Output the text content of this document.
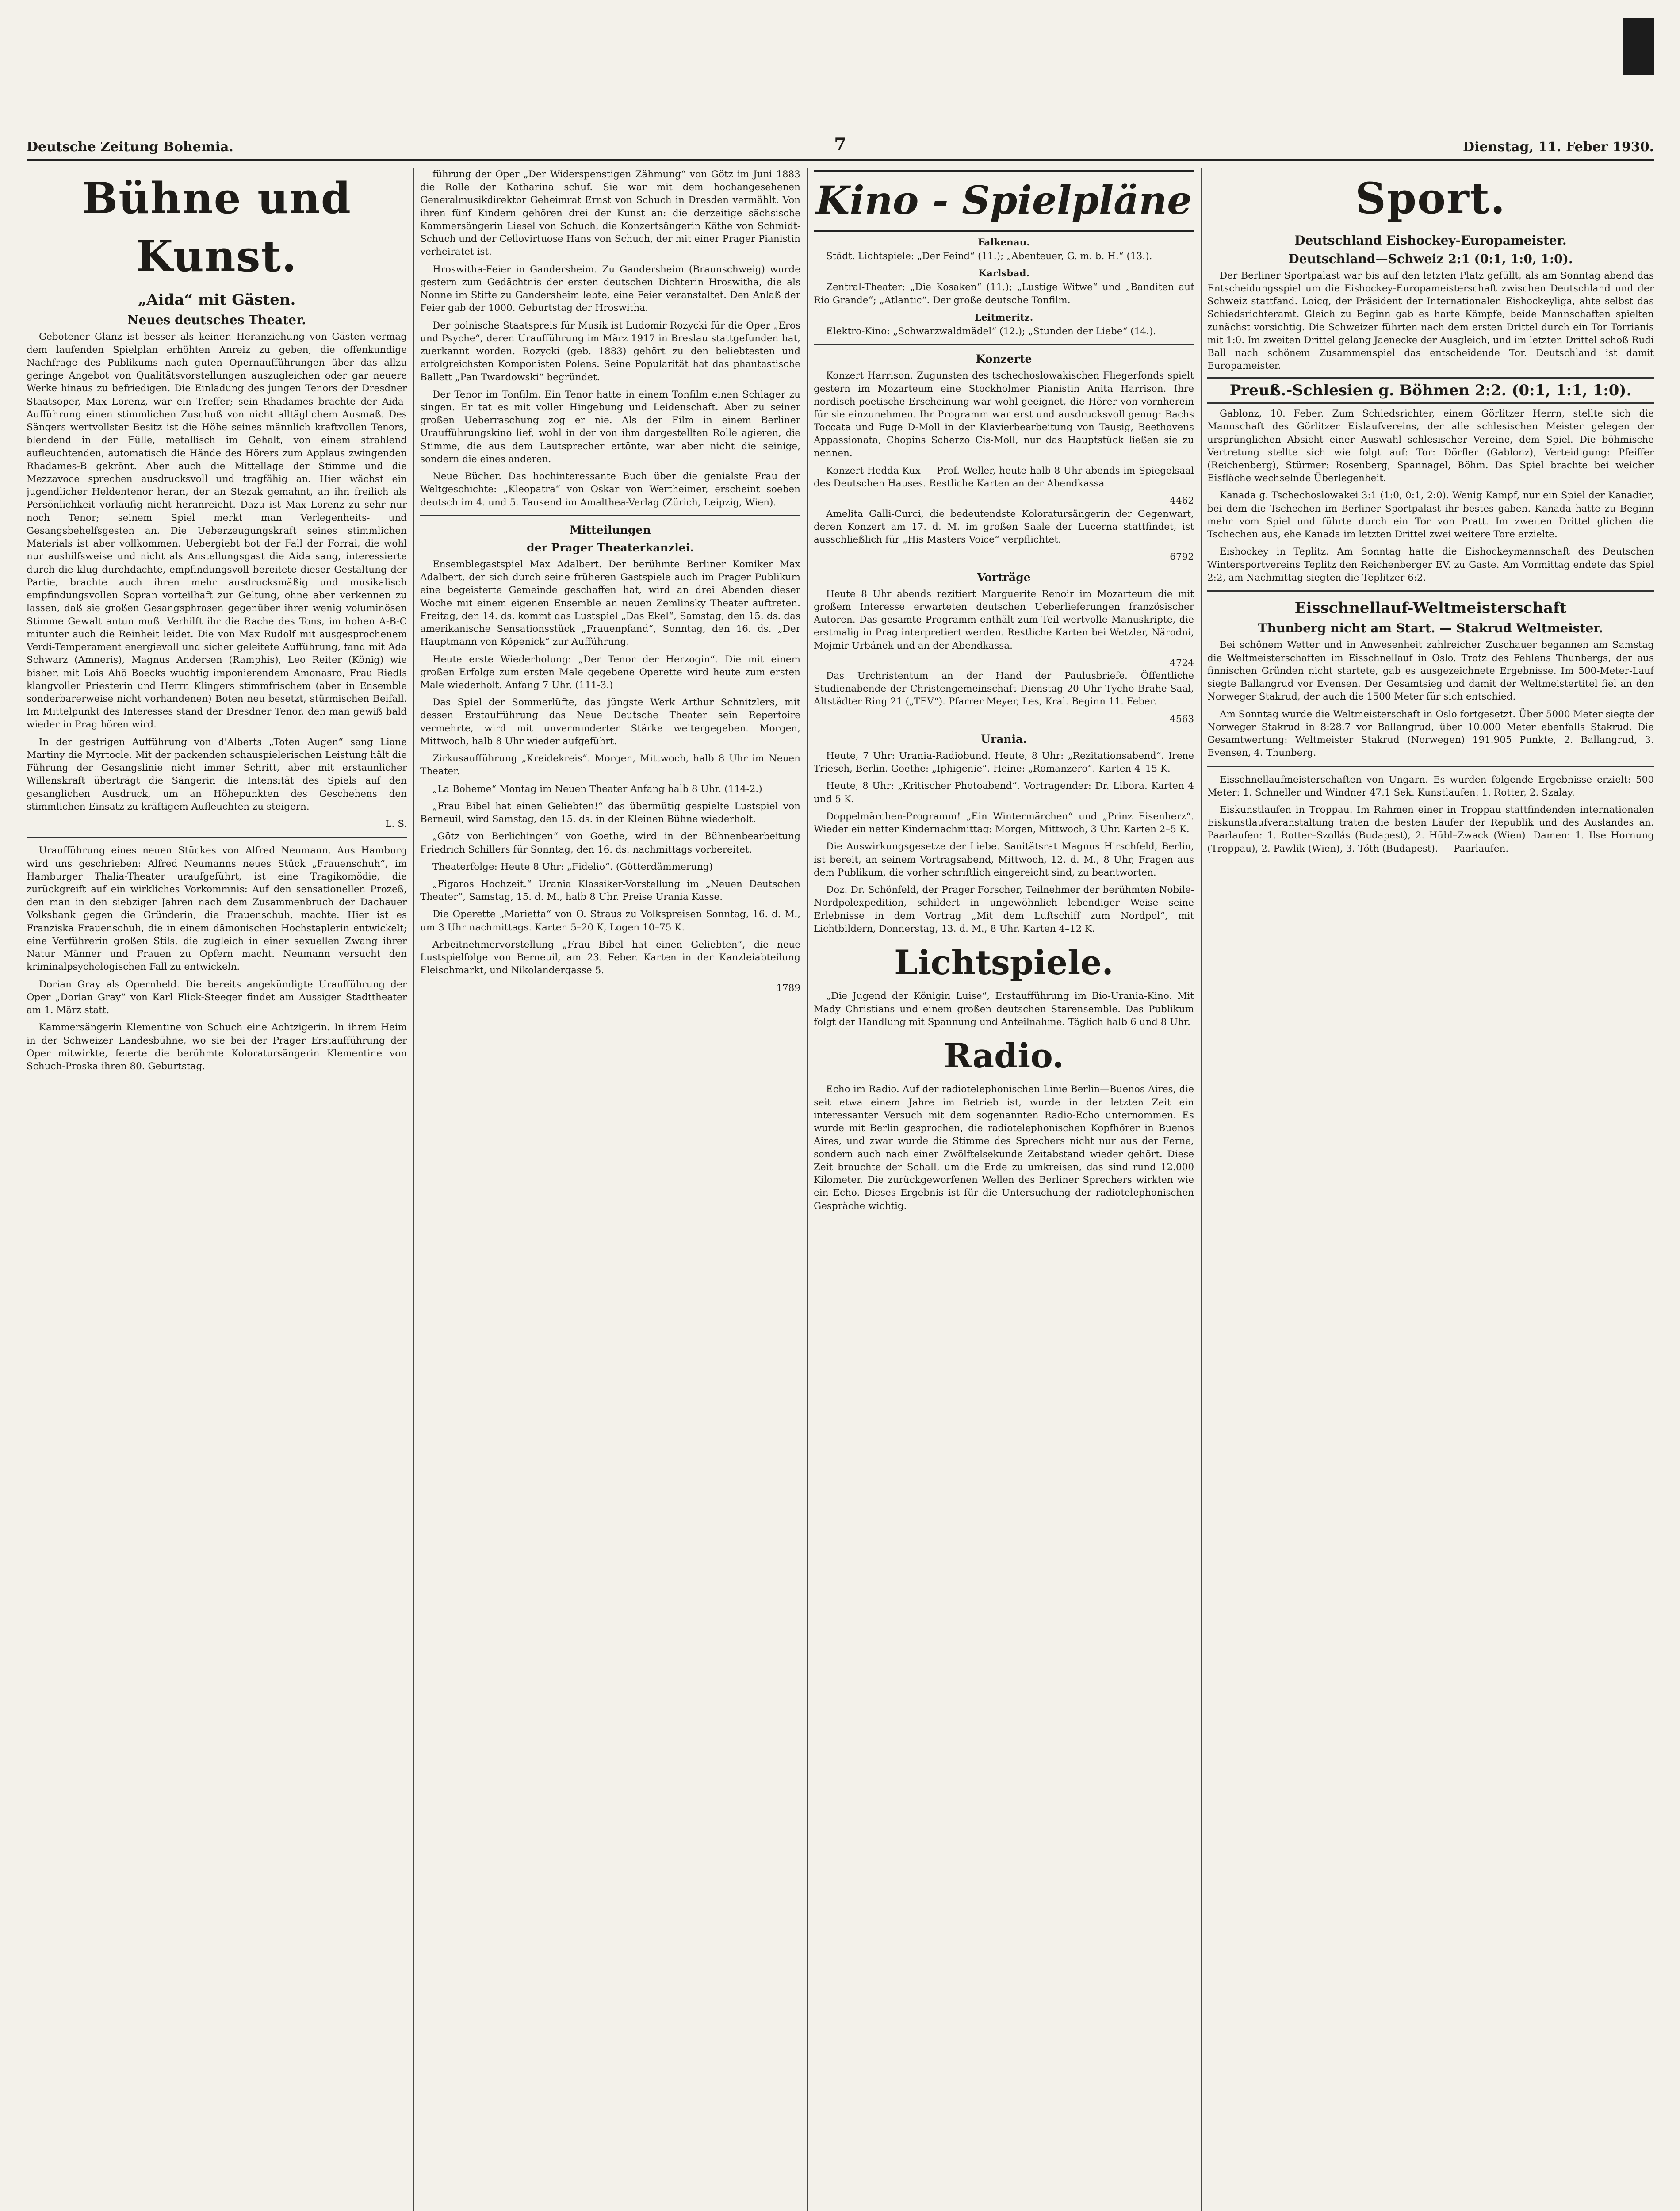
Deutsche Zeitung Bohemia.	7	Dienstag, 11. Feber 1930.
Bühne und Kunst.
„Aida“ mit Gästen.
Neues deutsches Theater.

Gebotener Glanz ist besser als keiner. Heranziehung von Gästen vermag dem laufenden Spielplan erhöhten Anreiz zu geben, die offenkundige Nachfrage des Publikums nach guten Opernaufführungen über das allzu geringe Angebot von Qualitätsvorstellungen auszugleichen oder gar neuere Werke hinaus zu befriedigen. Die Einladung des jungen Tenors der Dresdner Staatsoper, Max Lorenz, war ein Treffer; sein Rhadames brachte der Aida-Aufführung einen stimmlichen Zuschuß von nicht alltäglichem Ausmaß. Des Sängers wertvollster Besitz ist die Höhe seines männlich kraftvollen Tenors, blendend in der Fülle, metallisch im Gehalt, von einem strahlend aufleuchtenden, automatisch die Hände des Hörers zum Applaus zwingenden Rhadames-B gekrönt. Aber auch die Mittellage der Stimme und die Mezzavoce sprechen ausdrucksvoll und tragfähig an. Hier wächst ein jugendlicher Heldentenor heran, der an Stezak gemahnt, an ihn freilich als Persönlichkeit vorläufig nicht heranreicht. Dazu ist Max Lorenz zu sehr nur noch Tenor; seinem Spiel merkt man Verlegenheits- und Gesangsbehelfsgesten an. Die Ueberzeugungskraft seines stimmlichen Materials ist aber vollkommen. Uebergiebt bot der Fall der Forrai, die wohl nur aushilfsweise und nicht als Anstellungsgast die Aida sang, interessierte durch die klug durchdachte, empfindungsvoll bereitete dieser Gestaltung der Partie, brachte auch ihren mehr ausdrucksmäßig und musikalisch empfindungsvollen Sopran vorteilhaft zur Geltung, ohne aber verkennen zu lassen, daß sie großen Gesangsphrasen gegenüber ihrer wenig voluminösen Stimme Gewalt antun muß. Verhilft ihr die Rache des Tons, im hohen A-B-C mitunter auch die Reinheit leidet. Die von Max Rudolf mit ausgesprochenem Verdi-Temperament energievoll und sicher geleitete Aufführung, fand mit Ada Schwarz (Amneris), Magnus Andersen (Ramphis), Leo Reiter (König) wie bisher, mit Lois Ahö Boecks wuchtig imponierendem Amonasro, Frau Riedls klangvoller Priesterin und Herrn Klingers stimmfrischem (aber in Ensemble sonderbarerweise nicht vorhandenen) Boten neu besetzt, stürmischen Beifall. Im Mittelpunkt des Interesses stand der Dresdner Tenor, den man gewiß bald wieder in Prag hören wird.

In der gestrigen Aufführung von d'Alberts „Toten Augen“ sang Liane Martiny die Myrtocle. Mit der packenden schauspielerischen Leistung hält die Führung der Gesangslinie nicht immer Schritt, aber mit erstaunlicher Willenskraft überträgt die Sängerin die Intensität des Spiels auf den gesanglichen Ausdruck, um an Höhepunkten des Geschehens den stimmlichen Einsatz zu kräftigem Aufleuchten zu steigern.

L. S.

Uraufführung eines neuen Stückes von Alfred Neumann. Aus Hamburg wird uns geschrieben: Alfred Neumanns neues Stück „Frauenschuh“, im Hamburger Thalia-Theater uraufgeführt, ist eine Tragikomödie, die zurückgreift auf ein wirkliches Vorkommnis: Auf den sensationellen Prozeß, den man in den siebziger Jahren nach dem Zusammenbruch der Dachauer Volksbank gegen die Gründerin, die Frauenschuh, machte. Hier ist es Franziska Frauenschuh, die in einem dämonischen Hochstaplerin entwickelt; eine Verführerin großen Stils, die zugleich in einer sexuellen Zwang ihrer Natur Männer und Frauen zu Opfern macht. Neumann versucht den kriminalpsychologischen Fall zu entwickeln.

Dorian Gray als Opernheld. Die bereits angekündigte Uraufführung der Oper „Dorian Gray“ von Karl Flick-Steeger findet am Aussiger Stadttheater am 1. März statt.

Kammersängerin Klementine von Schuch eine Achtzigerin. In ihrem Heim in der Schweizer Landesbühne, wo sie bei der Prager Erstaufführung der Oper mitwirkte, feierte die berühmte Koloratursängerin Klementine von Schuch-Proska ihren 80. Geburtstag.

führung der Oper „Der Widerspenstigen Zähmung“ von Götz im Juni 1883 die Rolle der Katharina schuf. Sie war mit dem hochangesehenen Generalmusikdirektor Geheimrat Ernst von Schuch in Dresden vermählt. Von ihren fünf Kindern gehören drei der Kunst an: die derzeitige sächsische Kammersängerin Liesel von Schuch, die Konzertsängerin Käthe von Schmidt-Schuch und der Cellovirtuose Hans von Schuch, der mit einer Prager Pianistin verheiratet ist.

Hroswitha-Feier in Gandersheim. Zu Gandersheim (Braunschweig) wurde gestern zum Gedächtnis der ersten deutschen Dichterin Hroswitha, die als Nonne im Stifte zu Gandersheim lebte, eine Feier veranstaltet. Den Anlaß der Feier gab der 1000. Geburtstag der Hroswitha.

Der polnische Staatspreis für Musik ist Ludomir Rozycki für die Oper „Eros und Psyche“, deren Uraufführung im März 1917 in Breslau stattgefunden hat, zuerkannt worden. Rozycki (geb. 1883) gehört zu den beliebtesten und erfolgreichsten Komponisten Polens. Seine Popularität hat das phantastische Ballett „Pan Twardowski“ begründet.

Der Tenor im Tonfilm. Ein Tenor hatte in einem Tonfilm einen Schlager zu singen. Er tat es mit voller Hingebung und Leidenschaft. Aber zu seiner großen Ueberraschung zog er nie. Als der Film in einem Berliner Uraufführungskino lief, wohl in der von ihm dargestellten Rolle agieren, die Stimme, die aus dem Lautsprecher ertönte, war aber nicht die seinige, sondern die eines anderen.

Neue Bücher. Das hochinteressante Buch über die genialste Frau der Weltgeschichte: „Kleopatra“ von Oskar von Wertheimer, erscheint soeben deutsch im 4. und 5. Tausend im Amalthea-Verlag (Zürich, Leipzig, Wien).

Mitteilungen
der Prager Theaterkanzlei.

Ensemblegastspiel Max Adalbert. Der berühmte Berliner Komiker Max Adalbert, der sich durch seine früheren Gastspiele auch im Prager Publikum eine begeisterte Gemeinde geschaffen hat, wird an drei Abenden dieser Woche mit einem eigenen Ensemble an neuen Zemlinsky Theater auftreten. Freitag, den 14. ds. kommt das Lustspiel „Das Ekel“, Samstag, den 15. ds. das amerikanische Sensationsstück „Frauenpfand“, Sonntag, den 16. ds. „Der Hauptmann von Köpenick“ zur Aufführung.

Heute erste Wiederholung: „Der Tenor der Herzogin“. Die mit einem großen Erfolge zum ersten Male gegebene Operette wird heute zum ersten Male wiederholt. Anfang 7 Uhr. (111-3.)

Das Spiel der Sommerlüfte, das jüngste Werk Arthur Schnitzlers, mit dessen Erstaufführung das Neue Deutsche Theater sein Repertoire vermehrte, wird mit unverminderter Stärke weitergegeben. Morgen, Mittwoch, halb 8 Uhr wieder aufgeführt.

Zirkusaufführung „Kreidekreis“. Morgen, Mittwoch, halb 8 Uhr im Neuen Theater.

„La Boheme“ Montag im Neuen Theater Anfang halb 8 Uhr. (114-2.)

„Frau Bibel hat einen Geliebten!“ das übermütig gespielte Lustspiel von Berneuil, wird Samstag, den 15. ds. in der Kleinen Bühne wiederholt.

„Götz von Berlichingen“ von Goethe, wird in der Bühnenbearbeitung Friedrich Schillers für Sonntag, den 16. ds. nachmittags vorbereitet.

Theaterfolge: Heute 8 Uhr: „Fidelio“. (Götterdämmerung)

„Figaros Hochzeit.“ Urania Klassiker-Vorstellung im „Neuen Deutschen Theater“, Samstag, 15. d. M., halb 8 Uhr. Preise Urania Kasse.

Die Operette „Marietta“ von O. Straus zu Volkspreisen Sonntag, 16. d. M., um 3 Uhr nachmittags. Karten 5–20 K, Logen 10–75 K.

Arbeitnehmervorstellung „Frau Bibel hat einen Geliebten“, die neue Lustspielfolge von Berneuil, am 23. Feber. Karten in der Kanzleiabteilung Fleischmarkt, und Nikolandergasse 5.

1789

Kino - Spielpläne
Falkenau.

Städt. Lichtspiele: „Der Feind“ (11.); „Abenteuer, G. m. b. H.“ (13.).

Karlsbad.

Zentral-Theater: „Die Kosaken“ (11.); „Lustige Witwe“ und „Banditen auf Rio Grande“; „Atlantic“. Der große deutsche Tonfilm.

Leitmeritz.

Elektro-Kino: „Schwarzwaldmädel“ (12.); „Stunden der Liebe“ (14.).

Konzerte

Konzert Harrison. Zugunsten des tschechoslowakischen Fliegerfonds spielt gestern im Mozarteum eine Stockholmer Pianistin Anita Harrison. Ihre nordisch-poetische Erscheinung war wohl geeignet, die Hörer von vornherein für sie einzunehmen. Ihr Programm war erst und ausdrucksvoll genug: Bachs Toccata und Fuge D-Moll in der Klavierbearbeitung von Tausig, Beethovens Appassionata, Chopins Scherzo Cis-Moll, nur das Hauptstück ließen sie zu nennen.

Konzert Hedda Kux — Prof. Weller, heute halb 8 Uhr abends im Spiegelsaal des Deutschen Hauses. Restliche Karten an der Abendkassa.

4462

Amelita Galli-Curci, die bedeutendste Koloratursängerin der Gegenwart, deren Konzert am 17. d. M. im großen Saale der Lucerna stattfindet, ist ausschließlich für „His Masters Voice“ verpflichtet.

6792

Vorträge

Heute 8 Uhr abends rezitiert Marguerite Renoir im Mozarteum die mit großem Interesse erwarteten deutschen Ueberlieferungen französischer Autoren. Das gesamte Programm enthält zum Teil wertvolle Manuskripte, die erstmalig in Prag interpretiert werden. Restliche Karten bei Wetzler, Närodni, Mojmir Urbánek und an der Abendkassa.

4724

Das Urchristentum an der Hand der Paulusbriefe. Öffentliche Studienabende der Christengemeinschaft Dienstag 20 Uhr Tycho Brahe-Saal, Altstädter Ring 21 („TEV“). Pfarrer Meyer, Les, Kral. Beginn 11. Feber.

4563

Urania.

Heute, 7 Uhr: Urania-Radiobund. Heute, 8 Uhr: „Rezitationsabend“. Irene Triesch, Berlin. Goethe: „Iphigenie“. Heine: „Romanzero“. Karten 4–15 K.

Heute, 8 Uhr: „Kritischer Photoabend“. Vortragender: Dr. Libora. Karten 4 und 5 K.

Doppelmärchen-Programm! „Ein Wintermärchen“ und „Prinz Eisenherz“. Wieder ein netter Kindernachmittag: Morgen, Mittwoch, 3 Uhr. Karten 2–5 K.

Die Auswirkungsgesetze der Liebe. Sanitätsrat Magnus Hirschfeld, Berlin, ist bereit, an seinem Vortragsabend, Mittwoch, 12. d. M., 8 Uhr, Fragen aus dem Publikum, die vorher schriftlich eingereicht sind, zu beantworten.

Doz. Dr. Schönfeld, der Prager Forscher, Teilnehmer der berühmten Nobile-Nordpolexpedition, schildert in ungewöhnlich lebendiger Weise seine Erlebnisse in dem Vortrag „Mit dem Luftschiff zum Nordpol“, mit Lichtbildern, Donnerstag, 13. d. M., 8 Uhr. Karten 4–12 K.

Lichtspiele.

„Die Jugend der Königin Luise“, Erstaufführung im Bio-Urania-Kino. Mit Mady Christians und einem großen deutschen Starensemble. Das Publikum folgt der Handlung mit Spannung und Anteilnahme. Täglich halb 6 und 8 Uhr.

Radio.

Echo im Radio. Auf der radiotelephonischen Linie Berlin—Buenos Aires, die seit etwa einem Jahre im Betrieb ist, wurde in der letzten Zeit ein interessanter Versuch mit dem sogenannten Radio-Echo unternommen. Es wurde mit Berlin gesprochen, die radiotelephonischen Kopfhörer in Buenos Aires, und zwar wurde die Stimme des Sprechers nicht nur aus der Ferne, sondern auch nach einer Zwölftelsekunde Zeitabstand wieder gehört. Diese Zeit brauchte der Schall, um die Erde zu umkreisen, das sind rund 12.000 Kilometer. Die zurückgeworfenen Wellen des Berliner Sprechers wirkten wie ein Echo. Dieses Ergebnis ist für die Untersuchung der radiotelephonischen Gespräche wichtig.

Sport.
Deutschland Eishockey-Europameister.
Deutschland—Schweiz 2:1 (0:1, 1:0, 1:0).

Der Berliner Sportpalast war bis auf den letzten Platz gefüllt, als am Sonntag abend das Entscheidungsspiel um die Eishockey-Europameisterschaft zwischen Deutschland und der Schweiz stattfand. Loicq, der Präsident der Internationalen Eishockeyliga, ahte selbst das Schiedsrichteramt. Gleich zu Beginn gab es harte Kämpfe, beide Mannschaften spielten zunächst vorsichtig. Die Schweizer führten nach dem ersten Drittel durch ein Tor Torrianis mit 1:0. Im zweiten Drittel gelang Jaenecke der Ausgleich, und im letzten Drittel schoß Rudi Ball nach schönem Zusammenspiel das entscheidende Tor. Deutschland ist damit Europameister.

Preuß.-Schlesien g. Böhmen 2:2. (0:1, 1:1, 1:0).

Gablonz, 10. Feber. Zum Schiedsrichter, einem Görlitzer Herrn, stellte sich die Mannschaft des Görlitzer Eislaufvereins, der alle schlesischen Meister gelegen der ursprünglichen Absicht einer Auswahl schlesischer Vereine, dem Spiel. Die böhmische Vertretung stellte sich wie folgt auf: Tor: Dörfler (Gablonz), Verteidigung: Pfeiffer (Reichenberg), Stürmer: Rosenberg, Spannagel, Böhm. Das Spiel brachte bei weicher Eisfläche wechselnde Überlegenheit.

Kanada g. Tschechoslowakei 3:1 (1:0, 0:1, 2:0). Wenig Kampf, nur ein Spiel der Kanadier, bei dem die Tschechen im Berliner Sportpalast ihr bestes gaben. Kanada hatte zu Beginn mehr vom Spiel und führte durch ein Tor von Pratt. Im zweiten Drittel glichen die Tschechen aus, ehe Kanada im letzten Drittel zwei weitere Tore erzielte.

Eishockey in Teplitz. Am Sonntag hatte die Eishockeymannschaft des Deutschen Wintersportvereins Teplitz den Reichenberger EV. zu Gaste. Am Vormittag endete das Spiel 2:2, am Nachmittag siegten die Teplitzer 6:2.

Eisschnellauf-Weltmeisterschaft
Thunberg nicht am Start. — Stakrud Weltmeister.

Bei schönem Wetter und in Anwesenheit zahlreicher Zuschauer begannen am Samstag die Weltmeisterschaften im Eisschnellauf in Oslo. Trotz des Fehlens Thunbergs, der aus finnischen Gründen nicht startete, gab es ausgezeichnete Ergebnisse. Im 500-Meter-Lauf siegte Ballangrud vor Evensen. Der Gesamtsieg und damit der Weltmeistertitel fiel an den Norweger Stakrud, der auch die 1500 Meter für sich entschied.

Am Sonntag wurde die Weltmeisterschaft in Oslo fortgesetzt. Über 5000 Meter siegte der Norweger Stakrud in 8:28.7 vor Ballangrud, über 10.000 Meter ebenfalls Stakrud. Die Gesamtwertung: Weltmeister Stakrud (Norwegen) 191.905 Punkte, 2. Ballangrud, 3. Evensen, 4. Thunberg.

Eisschnellaufmeisterschaften von Ungarn. Es wurden folgende Ergebnisse erzielt: 500 Meter: 1. Schneller und Windner 47.1 Sek. Kunstlaufen: 1. Rotter, 2. Szalay.

Eiskunstlaufen in Troppau. Im Rahmen einer in Troppau stattfindenden internationalen Eiskunstlaufveranstaltung traten die besten Läufer der Republik und des Auslandes an. Paarlaufen: 1. Rotter–Szollás (Budapest), 2. Hübl–Zwack (Wien). Damen: 1. Ilse Hornung (Troppau), 2. Pawlik (Wien), 3. Tóth (Budapest). — Paarlaufen.
